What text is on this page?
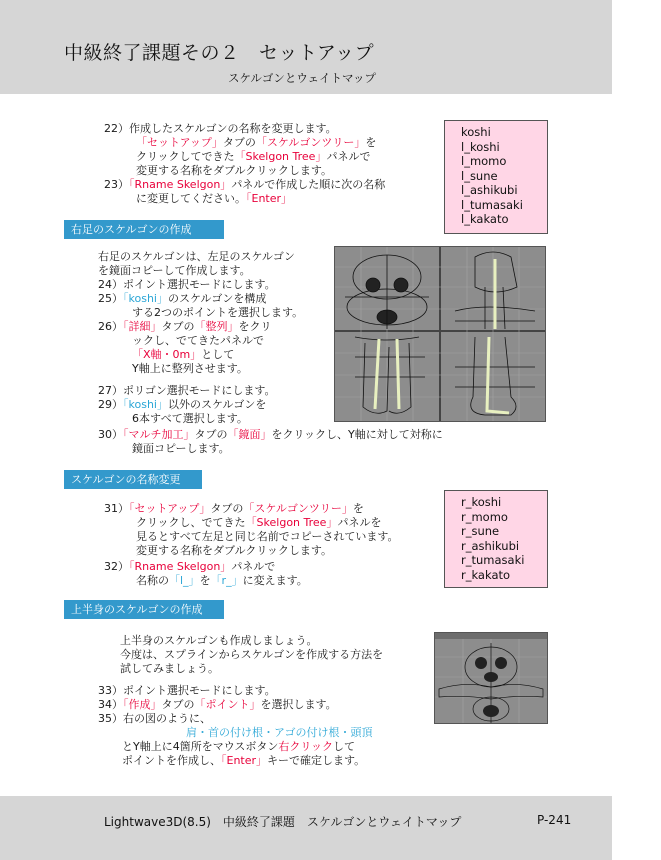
中級終了課題その２　セットアップ
スケルゴンとウェイトマップ
22）作成したスケルゴンの名称を変更します。
「セットアップ」タブの「スケルゴンツリー」を
クリックしてできた「Skelgon Tree」パネルで
変更する名称をダブルクリックします。
23）「Rname Skelgon」パネルで作成した順に次の名称
に変更してください。「Enter」
koshi
l_koshi
l_momo
l_sune
l_ashikubi
l_tumasaki
l_kakato
右足のスケルゴンの作成
右足のスケルゴンは、左足のスケルゴン
を鏡面コピーして作成します。
24）ポイント選択モードにします。
25）「koshi」のスケルゴンを構成
する2つのポイントを選択します。
26）「詳細」タブの「整列」をクリ
ックし、でてきたパネルで
「X軸・0m」として
Y軸上に整列させます。
27）ポリゴン選択モードにします。
29）「koshi」以外のスケルゴンを
6本すべて選択します。
30）「マルチ加工」タブの「鏡面」をクリックし、Y軸に対して対称に
鏡面コピーします。
スケルゴンの名称変更
31）「セットアップ」タブの「スケルゴンツリー」を
クリックし、でてきた「Skelgon Tree」パネルを
見るとすべて左足と同じ名前でコピーされています。
変更する名称をダブルクリックします。
32）「Rname Skelgon」パネルで
名称の「l_」を「r_」に変えます。
r_koshi
r_momo
r_sune
r_ashikubi
r_tumasaki
r_kakato
上半身のスケルゴンの作成
上半身のスケルゴンも作成しましょう。
今度は、スプラインからスケルゴンを作成する方法を
試してみましょう。
33）ポイント選択モードにします。
34）「作成」タブの「ポイント」を選択します。
35）右の図のように、
肩・首の付け根・アゴの付け根・頭頂
とY軸上に4箇所をマウスボタン右クリックして
ポイントを作成し、「Enter」キーで確定します。
Lightwave3D(8.5)　中級終了課題　スケルゴンとウェイトマップ	P-241
